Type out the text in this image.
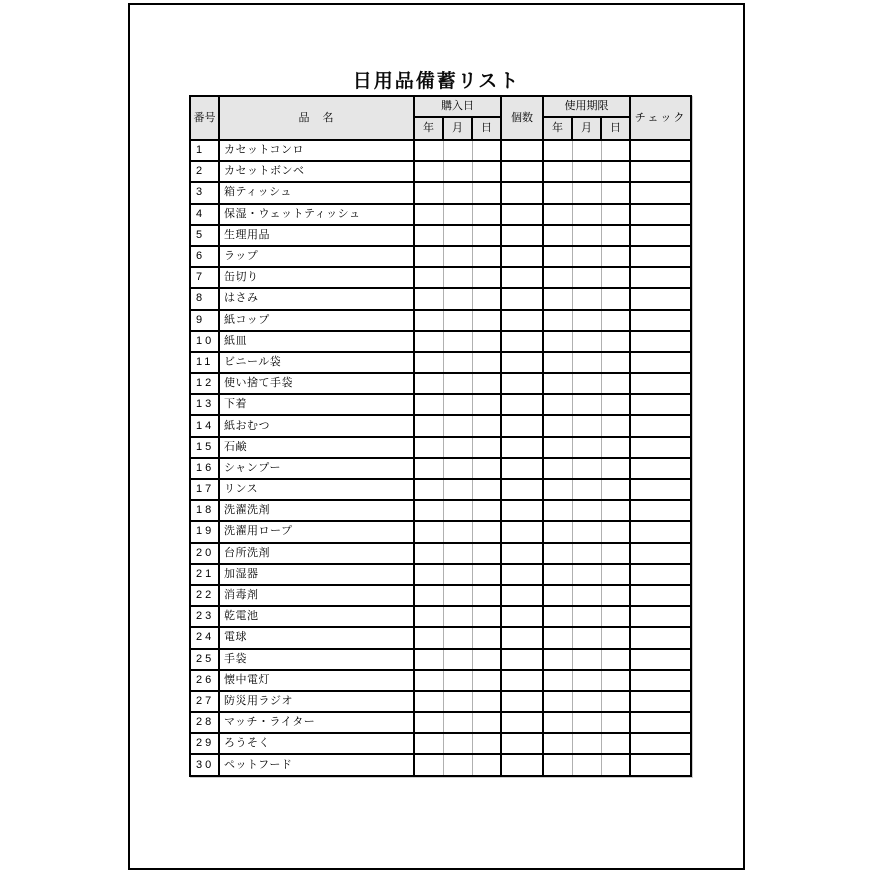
日用品備蓄リスト
番号	品　名	購入日			個数	使用期限			チェック
		年	月	日		年	月	日	
1	カセットコンロ								
2	カセットボンベ								
3	箱ティッシュ								
4	保湿・ウェットティッシュ								
5	生理用品								
6	ラップ								
7	缶切り								
8	はさみ								
9	紙コップ								
10	紙皿								
11	ビニール袋								
12	使い捨て手袋								
13	下着								
14	紙おむつ								
15	石鹸								
16	シャンプー								
17	リンス								
18	洗濯洗剤								
19	洗濯用ロープ								
20	台所洗剤								
21	加湿器								
22	消毒剤								
23	乾電池								
24	電球								
25	手袋								
26	懐中電灯								
27	防災用ラジオ								
28	マッチ・ライター								
29	ろうそく								
30	ペットフード								
